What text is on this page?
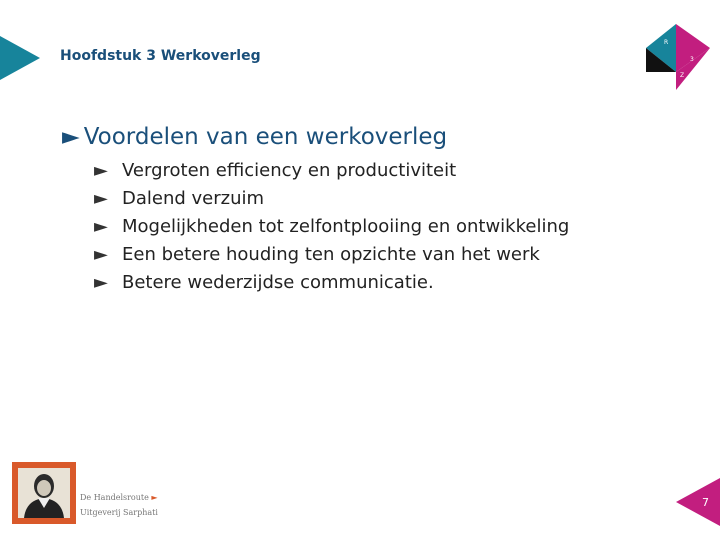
Hoofdstuk 3 Werkoverleg
R
3
Z
► Voordelen van een werkoverleg
► Vergroten efficiency en productiviteit
► Dalend verzuim
► Mogelijkheden tot zelfontplooiing en ontwikkeling
► Een betere houding ten opzichte van het werk
► Betere wederzijdse communicatie.
De Handelsroute ►
Uitgeverij Sarphati
7
